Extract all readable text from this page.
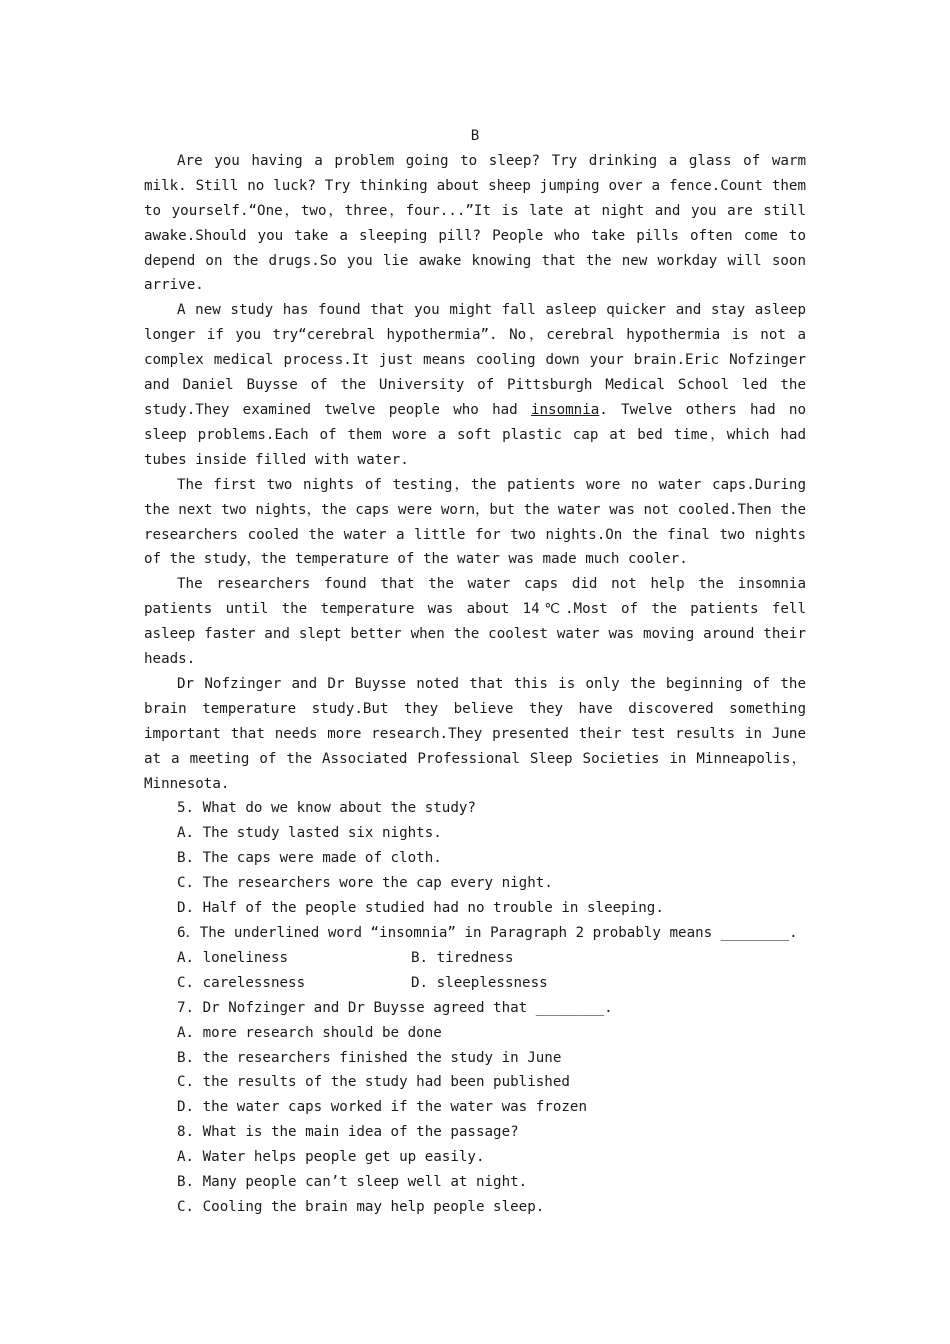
B

Are you having a problem going to sleep? Try drinking a glass of warm milk. Still no luck? Try thinking about sheep jumping over a fence.Count them to yourself.“One，two，three，four...”It is late at night and you are still awake.Should you take a sleeping pill? People who take pills often come to depend on the drugs.So you lie awake knowing that the new workday will soon arrive.

A new study has found that you might fall asleep quicker and stay asleep longer if you try“cerebral hypothermia”. No，cerebral hypothermia is not a complex medical process.It just means cooling down your brain.Eric Nofzinger and Daniel Buysse of the University of Pittsburgh Medical School led the study.They examined twelve people who had insomnia. Twelve others had no sleep problems.Each of them wore a soft plastic cap at bed time，which had tubes inside filled with water.

The first two nights of testing，the patients wore no water caps.During the next two nights，the caps were worn，but the water was not cooled.Then the researchers cooled the water a little for two nights.On the final two nights of the study，the temperature of the water was made much cooler.

The researchers found that the water caps did not help the insomnia patients until the temperature was about 14℃.Most of the patients fell asleep faster and slept better when the coolest water was moving around their heads.

Dr Nofzinger and Dr Buysse noted that this is only the beginning of the brain temperature study.But they believe they have discovered something important that needs more research.They presented their test results in June at a meeting of the Associated Professional Sleep Societies in Minneapolis，Minnesota.

5. What do we know about the study?

A. The study lasted six nights.

B. The caps were made of cloth.

C. The researchers wore the cap every night.

D. Half of the people studied had no trouble in sleeping.

6．The underlined word “insomnia” in Paragraph 2 probably means ________.

A. loneliness	B. tiredness

C. carelessness	D. sleeplessness

7. Dr Nofzinger and Dr Buysse agreed that ________.

A. more research should be done

B. the researchers finished the study in June

C. the results of the study had been published

D. the water caps worked if the water was frozen

8. What is the main idea of the passage?

A. Water helps people get up easily.

B. Many people can’t sleep well at night.

C. Cooling the brain may help people sleep.
